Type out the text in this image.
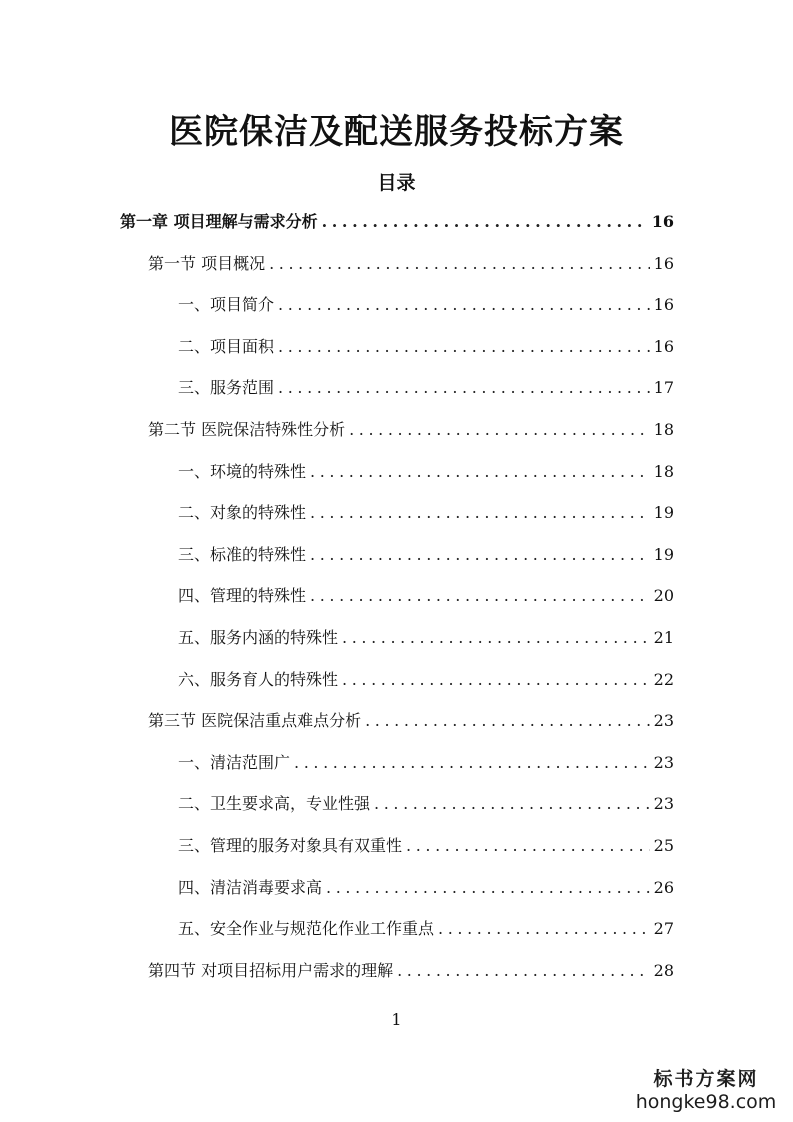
医院保洁及配送服务投标方案
目录
第一章 项目理解与需求分析 .....	16
第一节 项目概况 .....	16
一、项目简介 .....	16
二、项目面积 .....	16
三、服务范围 .....	17
第二节 医院保洁特殊性分析 .....	18
一、环境的特殊性 .....	18
二、对象的特殊性 .....	19
三、标准的特殊性 .....	19
四、管理的特殊性 .....	20
五、服务内涵的特殊性 .....	21
六、服务育人的特殊性 .....	22
第三节 医院保洁重点难点分析 .....	23
一、清洁范围广 .....	23
二、卫生要求高，专业性强 .....	23
三、管理的服务对象具有双重性 .....	25
四、清洁消毒要求高 .....	26
五、安全作业与规范化作业工作重点 .....	27
第四节 对项目招标用户需求的理解 .....	28
1
标书方案网
hongke98.com
